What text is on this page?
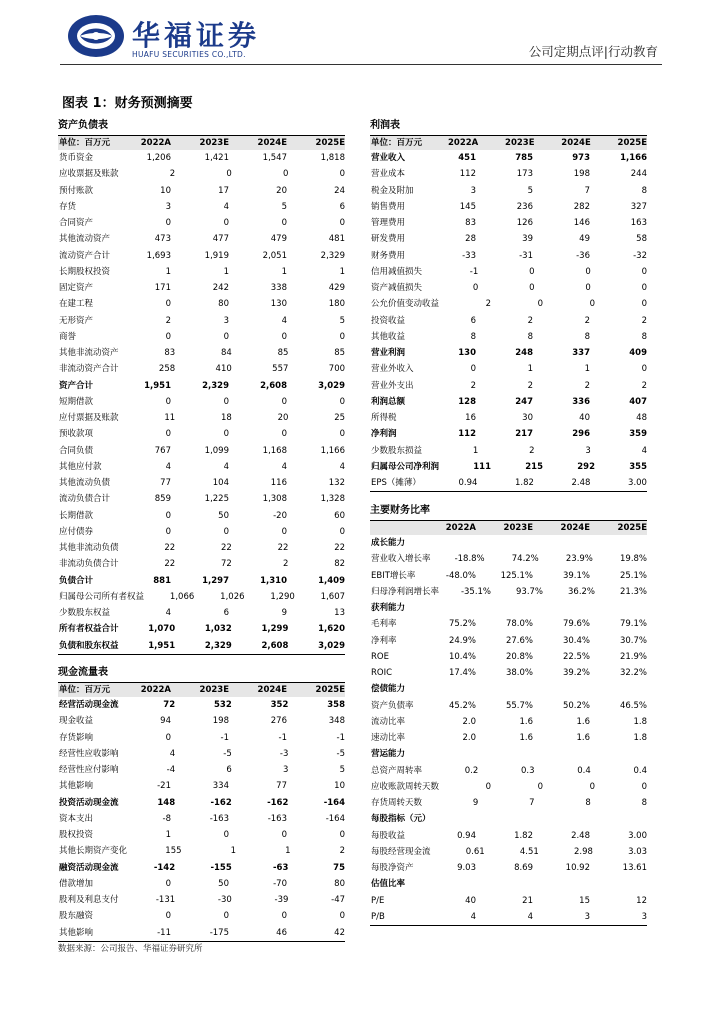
华福证券
HUAFU SECURITIES CO.,LTD.	公司定期点评|行动教育
图表 1：财务预测摘要
资产负债表
单位：百万元	2022A	2023E	2024E	2025E
货币资金	1,206	1,421	1,547	1,818
应收票据及账款	2	0	0	0
预付账款	10	17	20	24
存货	3	4	5	6
合同资产	0	0	0	0
其他流动资产	473	477	479	481
流动资产合计	1,693	1,919	2,051	2,329
长期股权投资	1	1	1	1
固定资产	171	242	338	429
在建工程	0	80	130	180
无形资产	2	3	4	5
商誉	0	0	0	0
其他非流动资产	83	84	85	85
非流动资产合计	258	410	557	700
资产合计	1,951	2,329	2,608	3,029
短期借款	0	0	0	0
应付票据及账款	11	18	20	25
预收款项	0	0	0	0
合同负债	767	1,099	1,168	1,166
其他应付款	4	4	4	4
其他流动负债	77	104	116	132
流动负债合计	859	1,225	1,308	1,328
长期借款	0	50	-20	60
应付债券	0	0	0	0
其他非流动负债	22	22	22	22
非流动负债合计	22	72	2	82
负债合计	881	1,297	1,310	1,409
归属母公司所有者权益	1,066	1,026	1,290	1,607
少数股东权益	4	6	9	13
所有者权益合计	1,070	1,032	1,299	1,620
负债和股东权益	1,951	2,329	2,608	3,029
利润表
单位：百万元	2022A	2023E	2024E	2025E
营业收入	451	785	973	1,166
营业成本	112	173	198	244
税金及附加	3	5	7	8
销售费用	145	236	282	327
管理费用	83	126	146	163
研发费用	28	39	49	58
财务费用	-33	-31	-36	-32
信用减值损失	-1	0	0	0
资产减值损失	0	0	0	0
公允价值变动收益	2	0	0	0
投资收益	6	2	2	2
其他收益	8	8	8	8
营业利润	130	248	337	409
营业外收入	0	1	1	0
营业外支出	2	2	2	2
利润总额	128	247	336	407
所得税	16	30	40	48
净利润	112	217	296	359
少数股东损益	1	2	3	4
归属母公司净利润	111	215	292	355
EPS（摊薄）	0.94	1.82	2.48	3.00
主要财务比率
2022A	2023E	2024E	2025E
成长能力
营业收入增长率	-18.8%	74.2%	23.9%	19.8%
EBIT增长率	-48.0%	125.1%	39.1%	25.1%
归母净利润增长率	-35.1%	93.7%	36.2%	21.3%
获利能力
毛利率	75.2%	78.0%	79.6%	79.1%
净利率	24.9%	27.6%	30.4%	30.7%
ROE	10.4%	20.8%	22.5%	21.9%
ROIC	17.4%	38.0%	39.2%	32.2%
偿债能力
资产负债率	45.2%	55.7%	50.2%	46.5%
流动比率	2.0	1.6	1.6	1.8
速动比率	2.0	1.6	1.6	1.8
营运能力
总资产周转率	0.2	0.3	0.4	0.4
应收账款周转天数	0	0	0	0
存货周转天数	9	7	8	8
每股指标（元）
每股收益	0.94	1.82	2.48	3.00
每股经营现金流	0.61	4.51	2.98	3.03
每股净资产	9.03	8.69	10.92	13.61
估值比率
P/E	40	21	15	12
P/B	4	4	3	3
现金流量表
单位：百万元	2022A	2023E	2024E	2025E
经营活动现金流	72	532	352	358
现金收益	94	198	276	348
存货影响	0	-1	-1	-1
经营性应收影响	4	-5	-3	-5
经营性应付影响	-4	6	3	5
其他影响	-21	334	77	10
投资活动现金流	148	-162	-162	-164
资本支出	-8	-163	-163	-164
股权投资	1	0	0	0
其他长期资产变化	155	1	1	2
融资活动现金流	-142	-155	-63	75
借款增加	0	50	-70	80
股利及利息支付	-131	-30	-39	-47
股东融资	0	0	0	0
其他影响	-11	-175	46	42
数据来源：公司报告、华福证券研究所
